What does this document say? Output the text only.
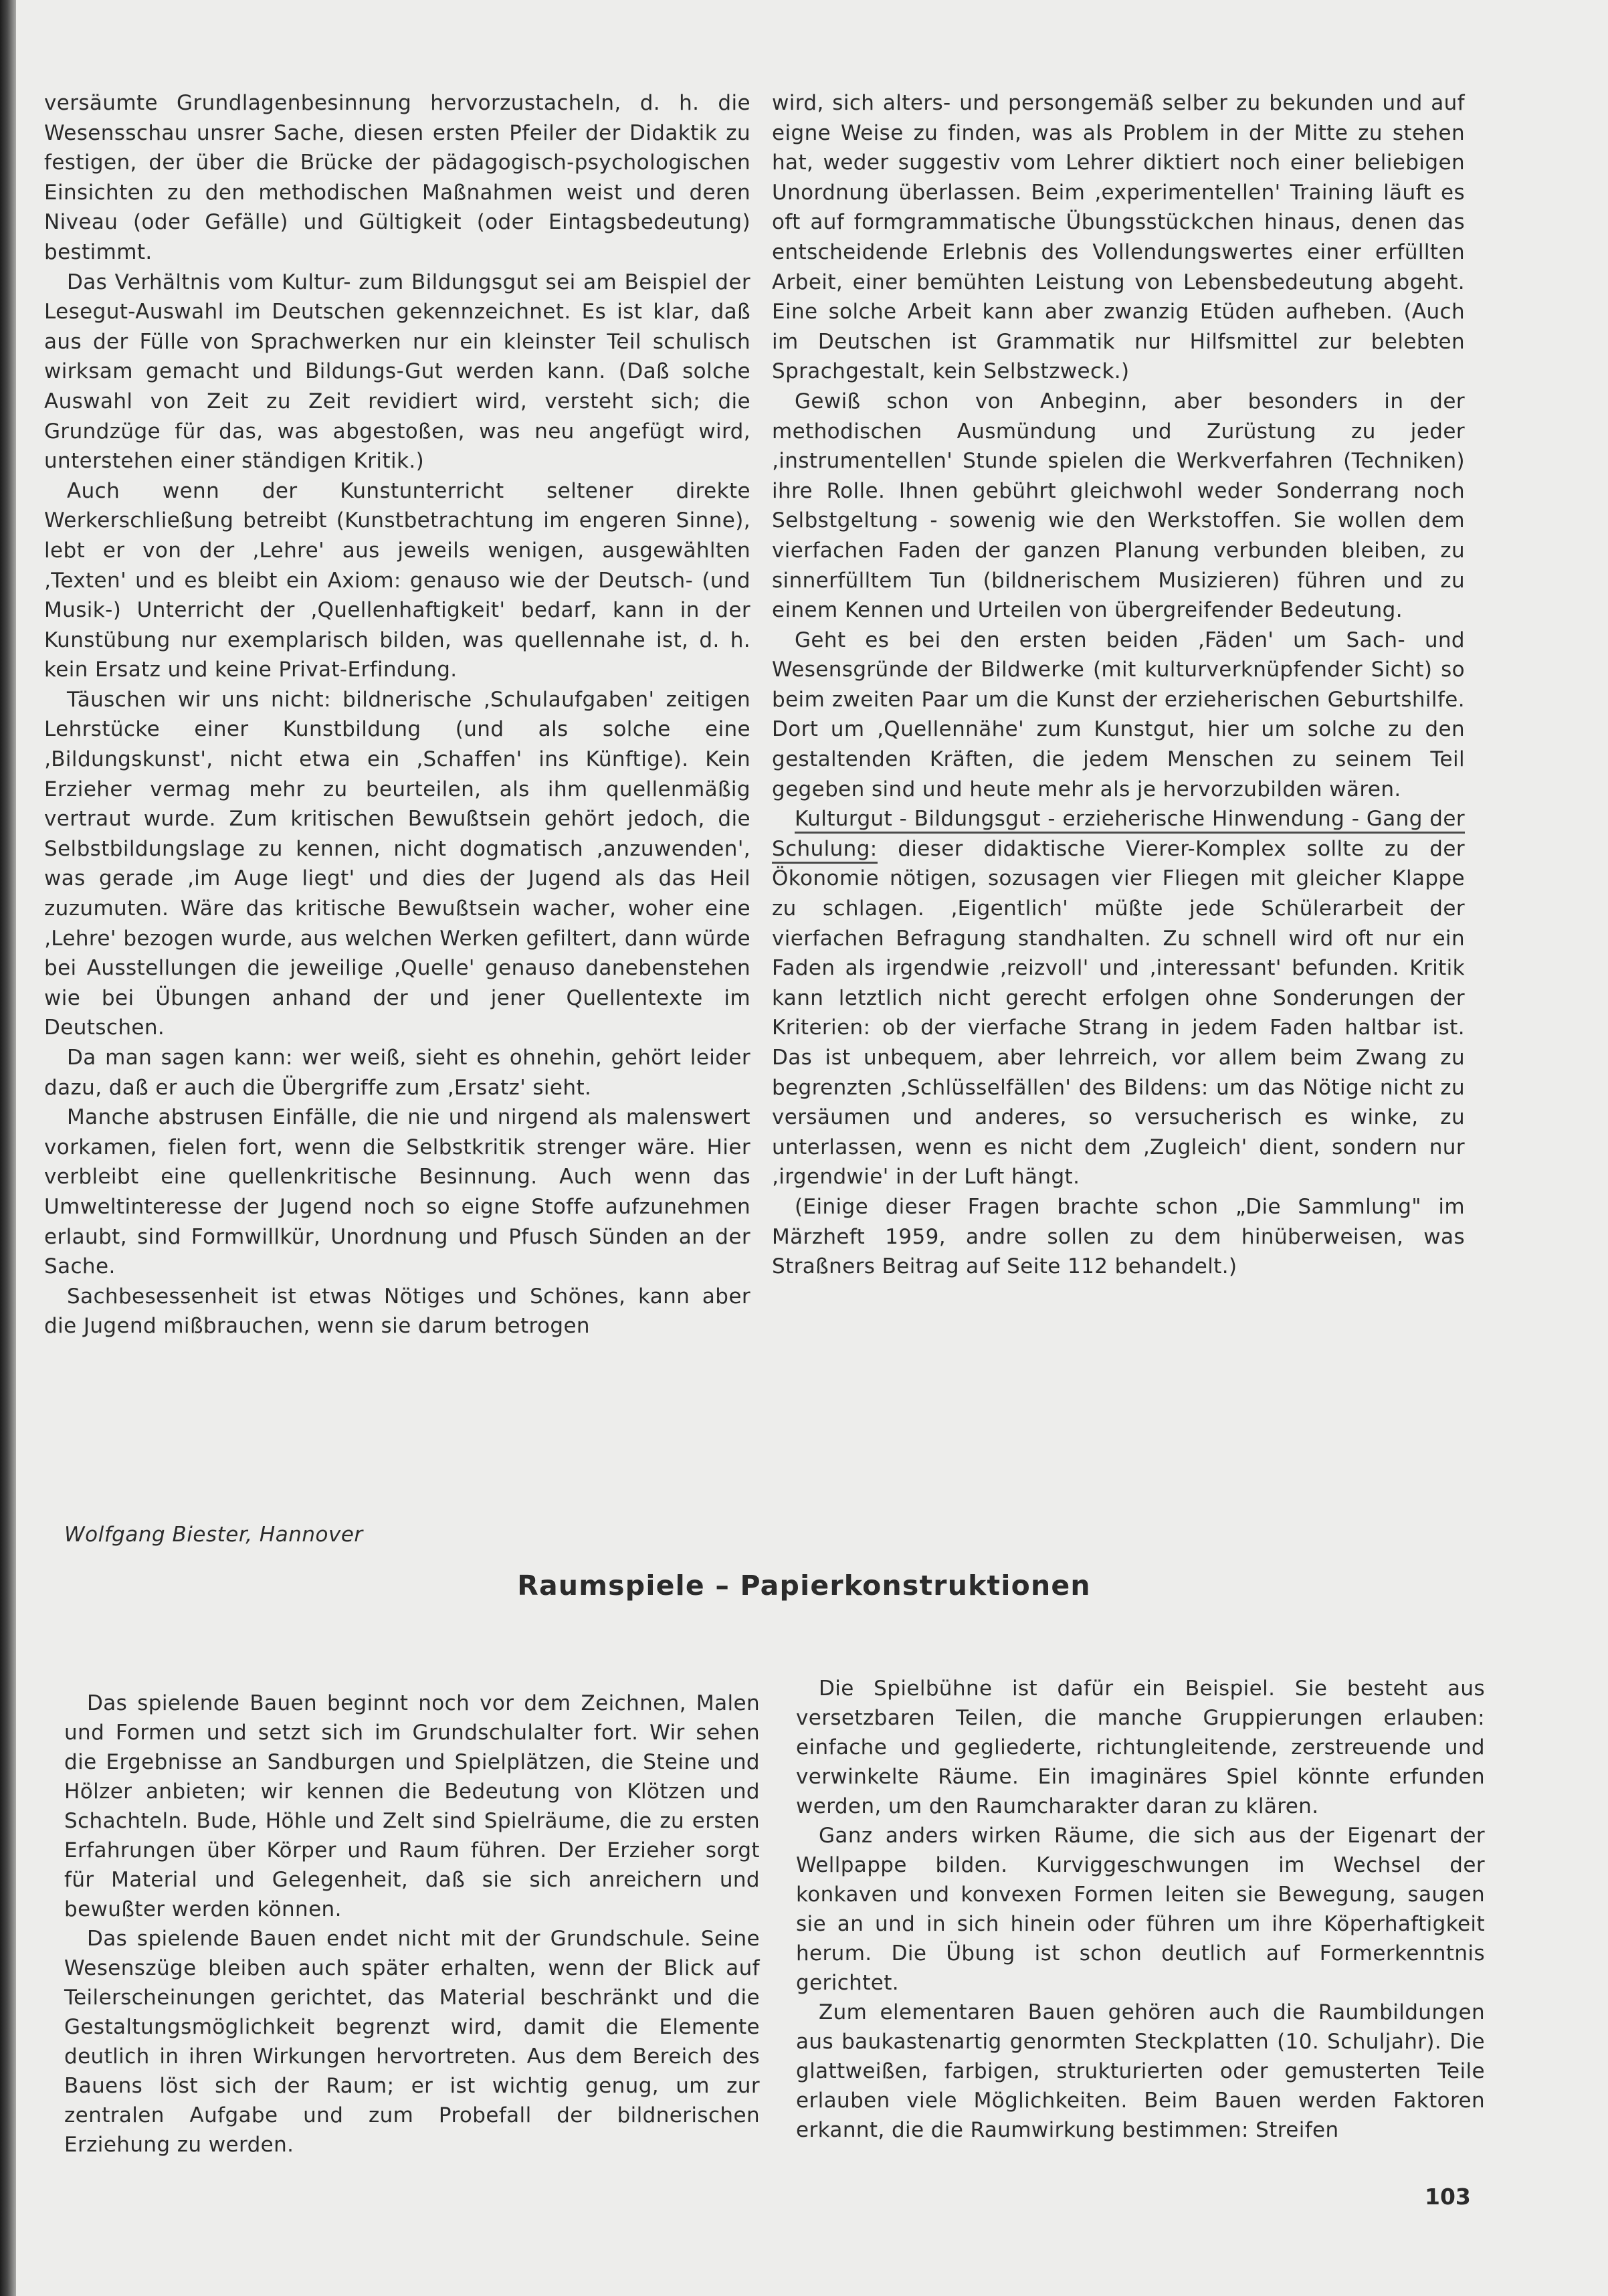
versäumte Grundlagenbesinnung hervorzustacheln, d. h. die Wesensschau unsrer Sache, diesen ersten Pfeiler der Didaktik zu festigen, der über die Brücke der pädagogisch-psychologischen Einsichten zu den methodischen Maßnahmen weist und deren Niveau (oder Gefälle) und Gültigkeit (oder Eintagsbedeutung) bestimmt.

Das Verhältnis vom Kultur- zum Bildungsgut sei am Beispiel der Lesegut-Auswahl im Deutschen gekennzeichnet. Es ist klar, daß aus der Fülle von Sprachwerken nur ein kleinster Teil schulisch wirksam gemacht und Bildungs-Gut werden kann. (Daß solche Auswahl von Zeit zu Zeit revidiert wird, versteht sich; die Grundzüge für das, was abgestoßen, was neu angefügt wird, unterstehen einer ständigen Kritik.)

Auch wenn der Kunstunterricht seltener direkte Werkerschließung betreibt (Kunstbetrachtung im engeren Sinne), lebt er von der ‚Lehre' aus jeweils wenigen, ausgewählten ‚Texten' und es bleibt ein Axiom: genauso wie der Deutsch- (und Musik-) Unterricht der ‚Quellenhaftigkeit' bedarf, kann in der Kunstübung nur exemplarisch bilden, was quellennahe ist, d. h. kein Ersatz und keine Privat-Erfindung.

Täuschen wir uns nicht: bildnerische ‚Schulaufgaben' zeitigen Lehrstücke einer Kunstbildung (und als solche eine ‚Bildungskunst', nicht etwa ein ‚Schaffen' ins Künftige). Kein Erzieher vermag mehr zu beurteilen, als ihm quellenmäßig vertraut wurde. Zum kritischen Bewußtsein gehört jedoch, die Selbstbildungslage zu kennen, nicht dogmatisch ‚anzuwenden', was gerade ‚im Auge liegt' und dies der Jugend als das Heil zuzumuten. Wäre das kritische Bewußtsein wacher, woher eine ‚Lehre' bezogen wurde, aus welchen Werken gefiltert, dann würde bei Ausstellungen die jeweilige ‚Quelle' genauso danebenstehen wie bei Übungen anhand der und jener Quellentexte im Deutschen.

Da man sagen kann: wer weiß, sieht es ohnehin, gehört leider dazu, daß er auch die Übergriffe zum ‚Ersatz' sieht.

Manche abstrusen Einfälle, die nie und nirgend als malenswert vorkamen, fielen fort, wenn die Selbstkritik strenger wäre. Hier verbleibt eine quellenkritische Besinnung. Auch wenn das Umweltinteresse der Jugend noch so eigne Stoffe aufzunehmen erlaubt, sind Formwillkür, Unordnung und Pfusch Sünden an der Sache.

Sachbesessenheit ist etwas Nötiges und Schönes, kann aber die Jugend mißbrauchen, wenn sie darum betrogen

wird, sich alters- und persongemäß selber zu bekunden und auf eigne Weise zu finden, was als Problem in der Mitte zu stehen hat, weder suggestiv vom Lehrer diktiert noch einer beliebigen Unordnung überlassen. Beim ‚experimentellen' Training läuft es oft auf formgrammatische Übungsstückchen hinaus, denen das entscheidende Erlebnis des Vollendungswertes einer erfüllten Arbeit, einer bemühten Leistung von Lebensbedeutung abgeht. Eine solche Arbeit kann aber zwanzig Etüden aufheben. (Auch im Deutschen ist Grammatik nur Hilfsmittel zur belebten Sprachgestalt, kein Selbstzweck.)

Gewiß schon von Anbeginn, aber besonders in der methodischen Ausmündung und Zurüstung zu jeder ‚instrumentellen' Stunde spielen die Werkverfahren (Techniken) ihre Rolle. Ihnen gebührt gleichwohl weder Sonderrang noch Selbstgeltung - sowenig wie den Werkstoffen. Sie wollen dem vierfachen Faden der ganzen Planung verbunden bleiben, zu sinnerfülltem Tun (bildnerischem Musizieren) führen und zu einem Kennen und Urteilen von übergreifender Bedeutung.

Geht es bei den ersten beiden ‚Fäden' um Sach- und Wesensgründe der Bildwerke (mit kulturverknüpfender Sicht) so beim zweiten Paar um die Kunst der erzieherischen Geburtshilfe. Dort um ‚Quellennähe' zum Kunstgut, hier um solche zu den gestaltenden Kräften, die jedem Menschen zu seinem Teil gegeben sind und heute mehr als je hervorzubilden wären.

Kulturgut - Bildungsgut - erzieherische Hinwendung - Gang der Schulung: dieser didaktische Vierer-Komplex sollte zu der Ökonomie nötigen, sozusagen vier Fliegen mit gleicher Klappe zu schlagen. ‚Eigentlich' müßte jede Schülerarbeit der vierfachen Befragung standhalten. Zu schnell wird oft nur ein Faden als irgendwie ‚reizvoll' und ‚interessant' befunden. Kritik kann letztlich nicht gerecht erfolgen ohne Sonderungen der Kriterien: ob der vierfache Strang in jedem Faden haltbar ist. Das ist unbequem, aber lehrreich, vor allem beim Zwang zu begrenzten ‚Schlüsselfällen' des Bildens: um das Nötige nicht zu versäumen und anderes, so versucherisch es winke, zu unterlassen, wenn es nicht dem ‚Zugleich' dient, sondern nur ‚irgendwie' in der Luft hängt.

(Einige dieser Fragen brachte schon „Die Sammlung" im Märzheft 1959, andre sollen zu dem hinüberweisen, was Straßners Beitrag auf Seite 112 behandelt.)

Wolfgang Biester, Hannover
Raumspiele – Papierkonstruktionen

Das spielende Bauen beginnt noch vor dem Zeichnen, Malen und Formen und setzt sich im Grundschulalter fort. Wir sehen die Ergebnisse an Sandburgen und Spielplätzen, die Steine und Hölzer anbieten; wir kennen die Bedeutung von Klötzen und Schachteln. Bude, Höhle und Zelt sind Spielräume, die zu ersten Erfahrungen über Körper und Raum führen. Der Erzieher sorgt für Material und Gelegenheit, daß sie sich anreichern und bewußter werden können.

Das spielende Bauen endet nicht mit der Grundschule. Seine Wesenszüge bleiben auch später erhalten, wenn der Blick auf Teilerscheinungen gerichtet, das Material beschränkt und die Gestaltungsmöglichkeit begrenzt wird, damit die Elemente deutlich in ihren Wirkungen hervortreten. Aus dem Bereich des Bauens löst sich der Raum; er ist wichtig genug, um zur zentralen Aufgabe und zum Probefall der bildnerischen Erziehung zu werden.

Die Spielbühne ist dafür ein Beispiel. Sie besteht aus versetzbaren Teilen, die manche Gruppierungen erlauben: einfache und gegliederte, richtungleitende, zerstreuende und verwinkelte Räume. Ein imaginäres Spiel könnte erfunden werden, um den Raumcharakter daran zu klären.

Ganz anders wirken Räume, die sich aus der Eigenart der Wellpappe bilden. Kurviggeschwungen im Wechsel der konkaven und konvexen Formen leiten sie Bewegung, saugen sie an und in sich hinein oder führen um ihre Köperhaftigkeit herum. Die Übung ist schon deutlich auf Formerkenntnis gerichtet.

Zum elementaren Bauen gehören auch die Raumbildungen aus baukastenartig genormten Steckplatten (10. Schuljahr). Die glattweißen, farbigen, strukturierten oder gemusterten Teile erlauben viele Möglichkeiten. Beim Bauen werden Faktoren erkannt, die die Raumwirkung bestimmen: Streifen

103
